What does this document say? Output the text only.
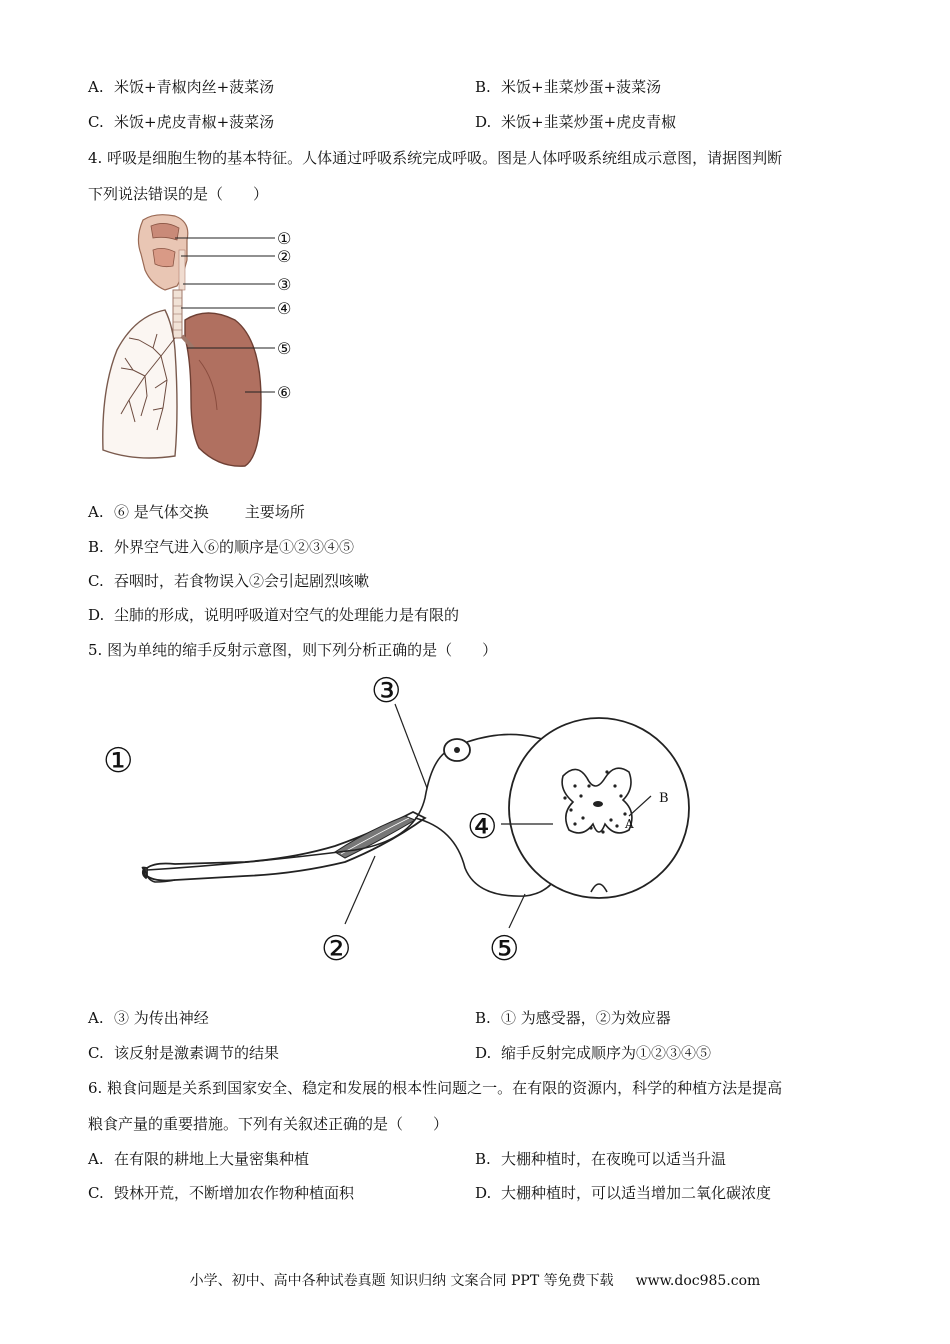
A. 米饭+青椒肉丝+菠菜汤	B. 米饭+韭菜炒蛋+菠菜汤
C. 米饭+虎皮青椒+菠菜汤	D. 米饭+韭菜炒蛋+虎皮青椒
4. 呼吸是细胞生物的基本特征。人体通过呼吸系统完成呼吸。图是人体呼吸系统组成示意图，请据图判断
下列说法错误的是（　　）
①
②
③
④
⑤
⑥
A. ⑥ 是气体交换 主要场所
B. 外界空气进入⑥的顺序是①②③④⑤
C. 吞咽时，若食物误入②会引起剧烈咳嗽
D. 尘肺的形成，说明呼吸道对空气的处理能力是有限的
5. 图为单纯的缩手反射示意图，则下列分析正确的是（　　）
①
②
③
④
⑤
A
B
A. ③ 为传出神经	B. ① 为感受器，②为效应器
C. 该反射是激素调节的结果	D. 缩手反射完成顺序为①②③④⑤
6. 粮食问题是关系到国家安全、稳定和发展的根本性问题之一。在有限的资源内，科学的种植方法是提高
粮食产量的重要措施。下列有关叙述正确的是（　　）
A. 在有限的耕地上大量密集种植	B. 大棚种植时，在夜晚可以适当升温
C. 毁林开荒，不断增加农作物种植面积	D. 大棚种植时，可以适当增加二氧化碳浓度
小学、初中、高中各种试卷真题 知识归纳 文案合同 PPT 等免费下载 www.doc985.com
